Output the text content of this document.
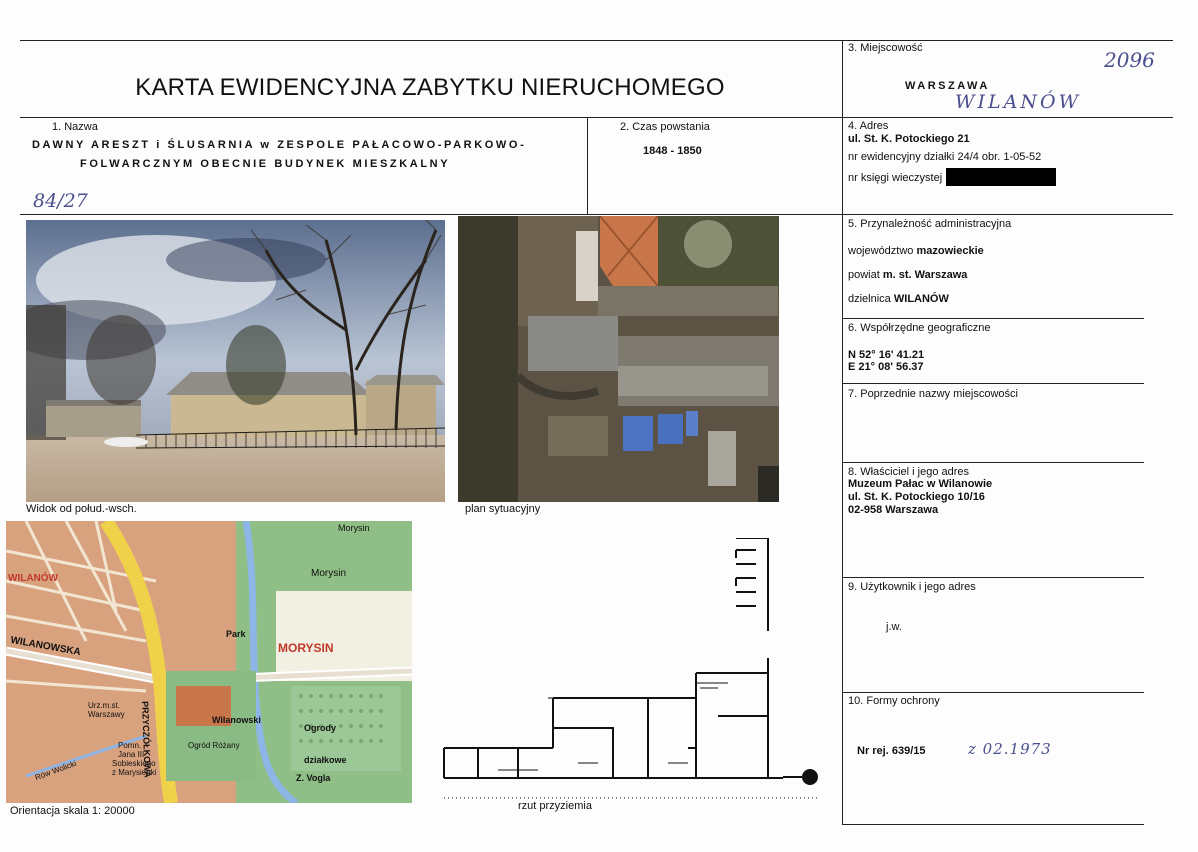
KARTA EWIDENCYJNA ZABYTKU NIERUCHOMEGO
3. Miejscowość	2096
WARSZAWA
WILANÓW
1. Nazwa
DAWNY ARESZT i ŚLUSARNIA w ZESPOLE PAŁACOWO-PARKOWO-
FOLWARCZNYM OBECNIE BUDYNEK MIESZKALNY
84/27
2. Czas powstania
1848 - 1850
4. Adres
ul. St. K. Potockiego 21
nr ewidencyjny działki 24/4 obr. 1-05-52
nr księgi wieczystej
5. Przynależność administracyjna
województwo mazowieckie
powiat m. st. Warszawa
dzielnica WILANÓW
6. Współrzędne geograficzne
N 52° 16' 41.21
E 21° 08' 56.37
7. Poprzednie nazwy miejscowości
8. Właściciel i jego adres
Muzeum Pałac w Wilanowie
ul. St. K. Potockiego 10/16
02-958 Warszawa
9. Użytkownik i jego adres
j.w.
10. Formy ochrony
Nr rej. 639/15	z 02.1973
Widok od połud.-wsch.	plan sytuacyjny
MORYSIN
Morysin
Morysin
WILANOWSKA
PRZYCZÓŁKOWA
Park
Wilanowski
Ogrody
działkowe
Z. Vogla
Urz.m.st.
Warszawy
WILANÓW
Pomn.
Jana III
Sobieskiego
z Marysienki
Ogród Różany
Rów Wolicki
Orientacja skala 1: 20000	rzut przyziemia
